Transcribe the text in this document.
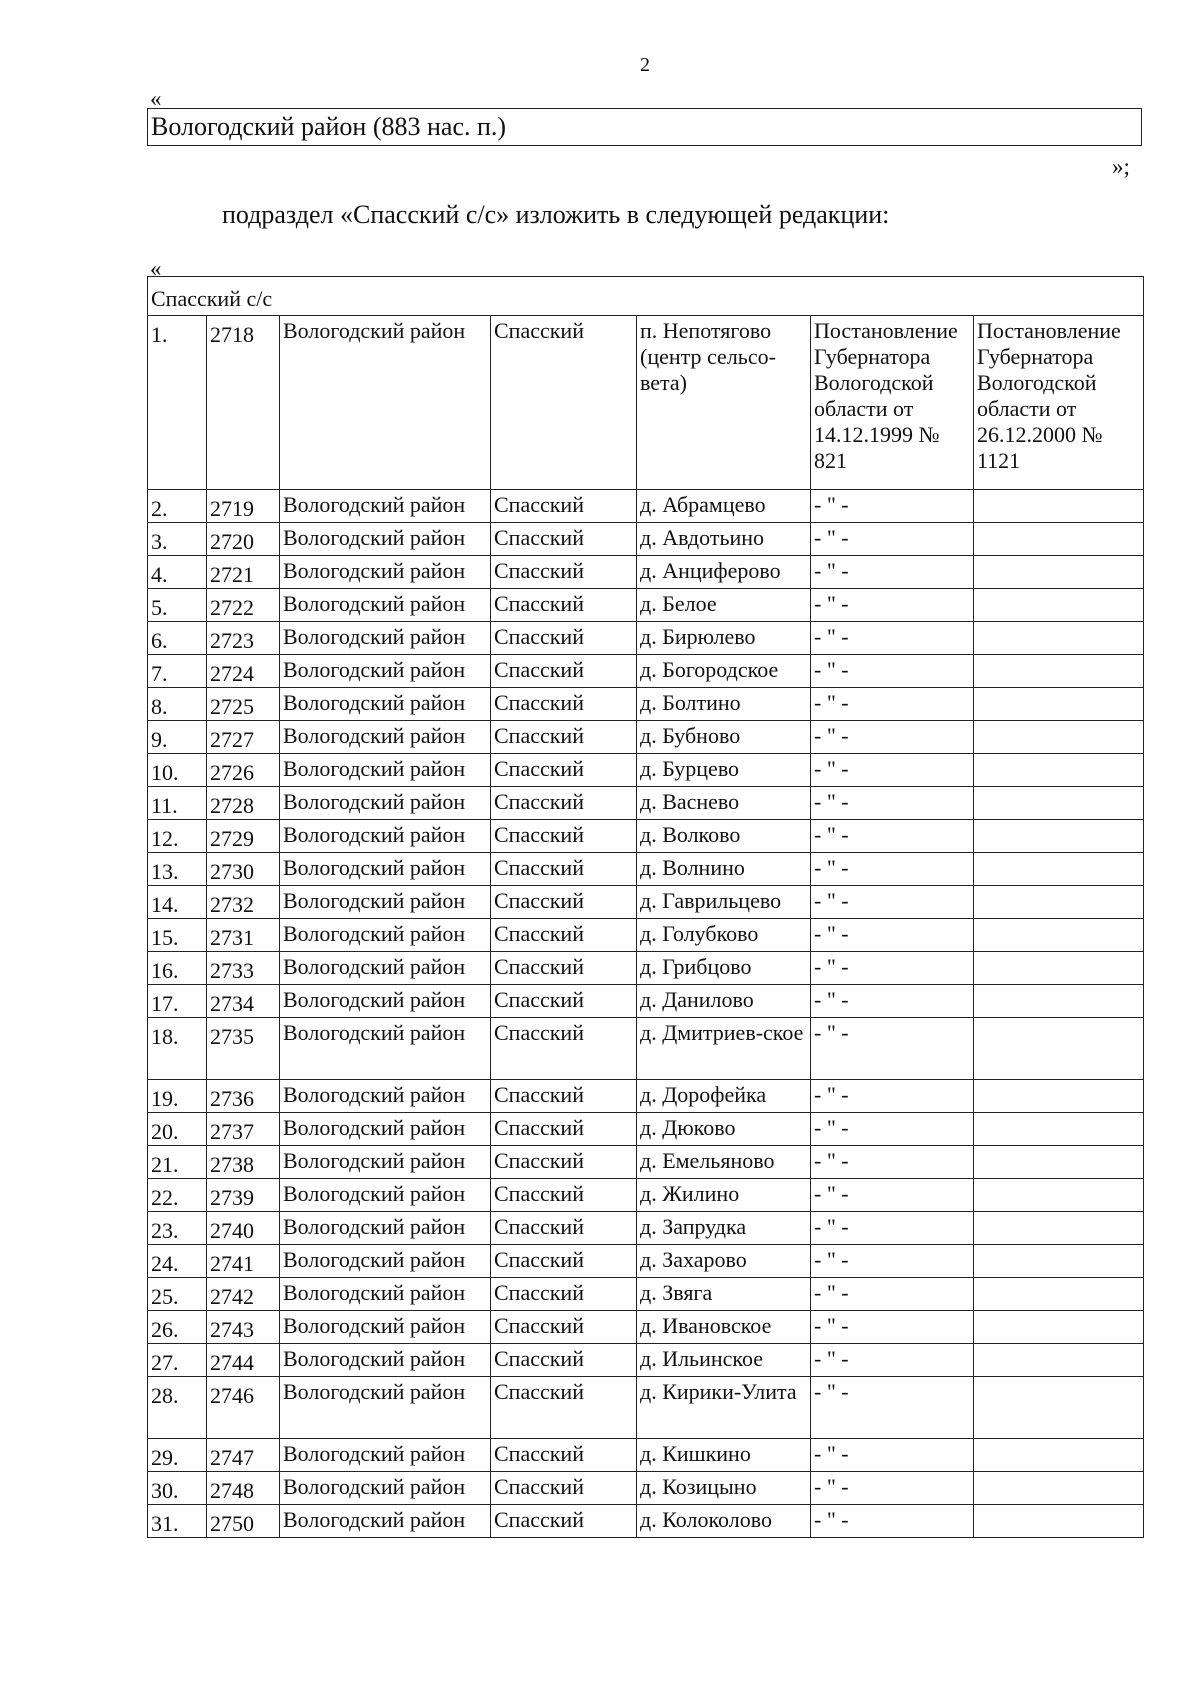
2
«
Вологодский район (883 нас. п.)
»;
подраздел «Спасский с/с» изложить в следующей редакции:
«
Спасский с/с						
1.	2718	Вологодский район	Спасский	п. Непотягово (центр сельсо-вета)	Постановление Губернатора Вологодской области от 14.12.1999 № 821	Постановление Губернатора Вологодской области от 26.12.2000 № 1121
2.	2719	Вологодский район	Спасский	д. Абрамцево	- " -	
3.	2720	Вологодский район	Спасский	д. Авдотьино	- " -	
4.	2721	Вологодский район	Спасский	д. Анциферово	- " -	
5.	2722	Вологодский район	Спасский	д. Белое	- " -	
6.	2723	Вологодский район	Спасский	д. Бирюлево	- " -	
7.	2724	Вологодский район	Спасский	д. Богородское	- " -	
8.	2725	Вологодский район	Спасский	д. Болтино	- " -	
9.	2727	Вологодский район	Спасский	д. Бубново	- " -	
10.	2726	Вологодский район	Спасский	д. Бурцево	- " -	
11.	2728	Вологодский район	Спасский	д. Васнево	- " -	
12.	2729	Вологодский район	Спасский	д. Волково	- " -	
13.	2730	Вологодский район	Спасский	д. Волнино	- " -	
14.	2732	Вологодский район	Спасский	д. Гаврильцево	- " -	
15.	2731	Вологодский район	Спасский	д. Голубково	- " -	
16.	2733	Вологодский район	Спасский	д. Грибцово	- " -	
17.	2734	Вологодский район	Спасский	д. Данилово	- " -	
18.	2735	Вологодский район	Спасский	д. Дмитриев-ское	- " -	
19.	2736	Вологодский район	Спасский	д. Дорофейка	- " -	
20.	2737	Вологодский район	Спасский	д. Дюково	- " -	
21.	2738	Вологодский район	Спасский	д. Емельяново	- " -	
22.	2739	Вологодский район	Спасский	д. Жилино	- " -	
23.	2740	Вологодский район	Спасский	д. Запрудка	- " -	
24.	2741	Вологодский район	Спасский	д. Захарово	- " -	
25.	2742	Вологодский район	Спасский	д. Звяга	- " -	
26.	2743	Вологодский район	Спасский	д. Ивановское	- " -	
27.	2744	Вологодский район	Спасский	д. Ильинское	- " -	
28.	2746	Вологодский район	Спасский	д. Кирики-Улита	- " -	
29.	2747	Вологодский район	Спасский	д. Кишкино	- " -	
30.	2748	Вологодский район	Спасский	д. Козицыно	- " -	
31.	2750	Вологодский район	Спасский	д. Колоколово	- " -	
